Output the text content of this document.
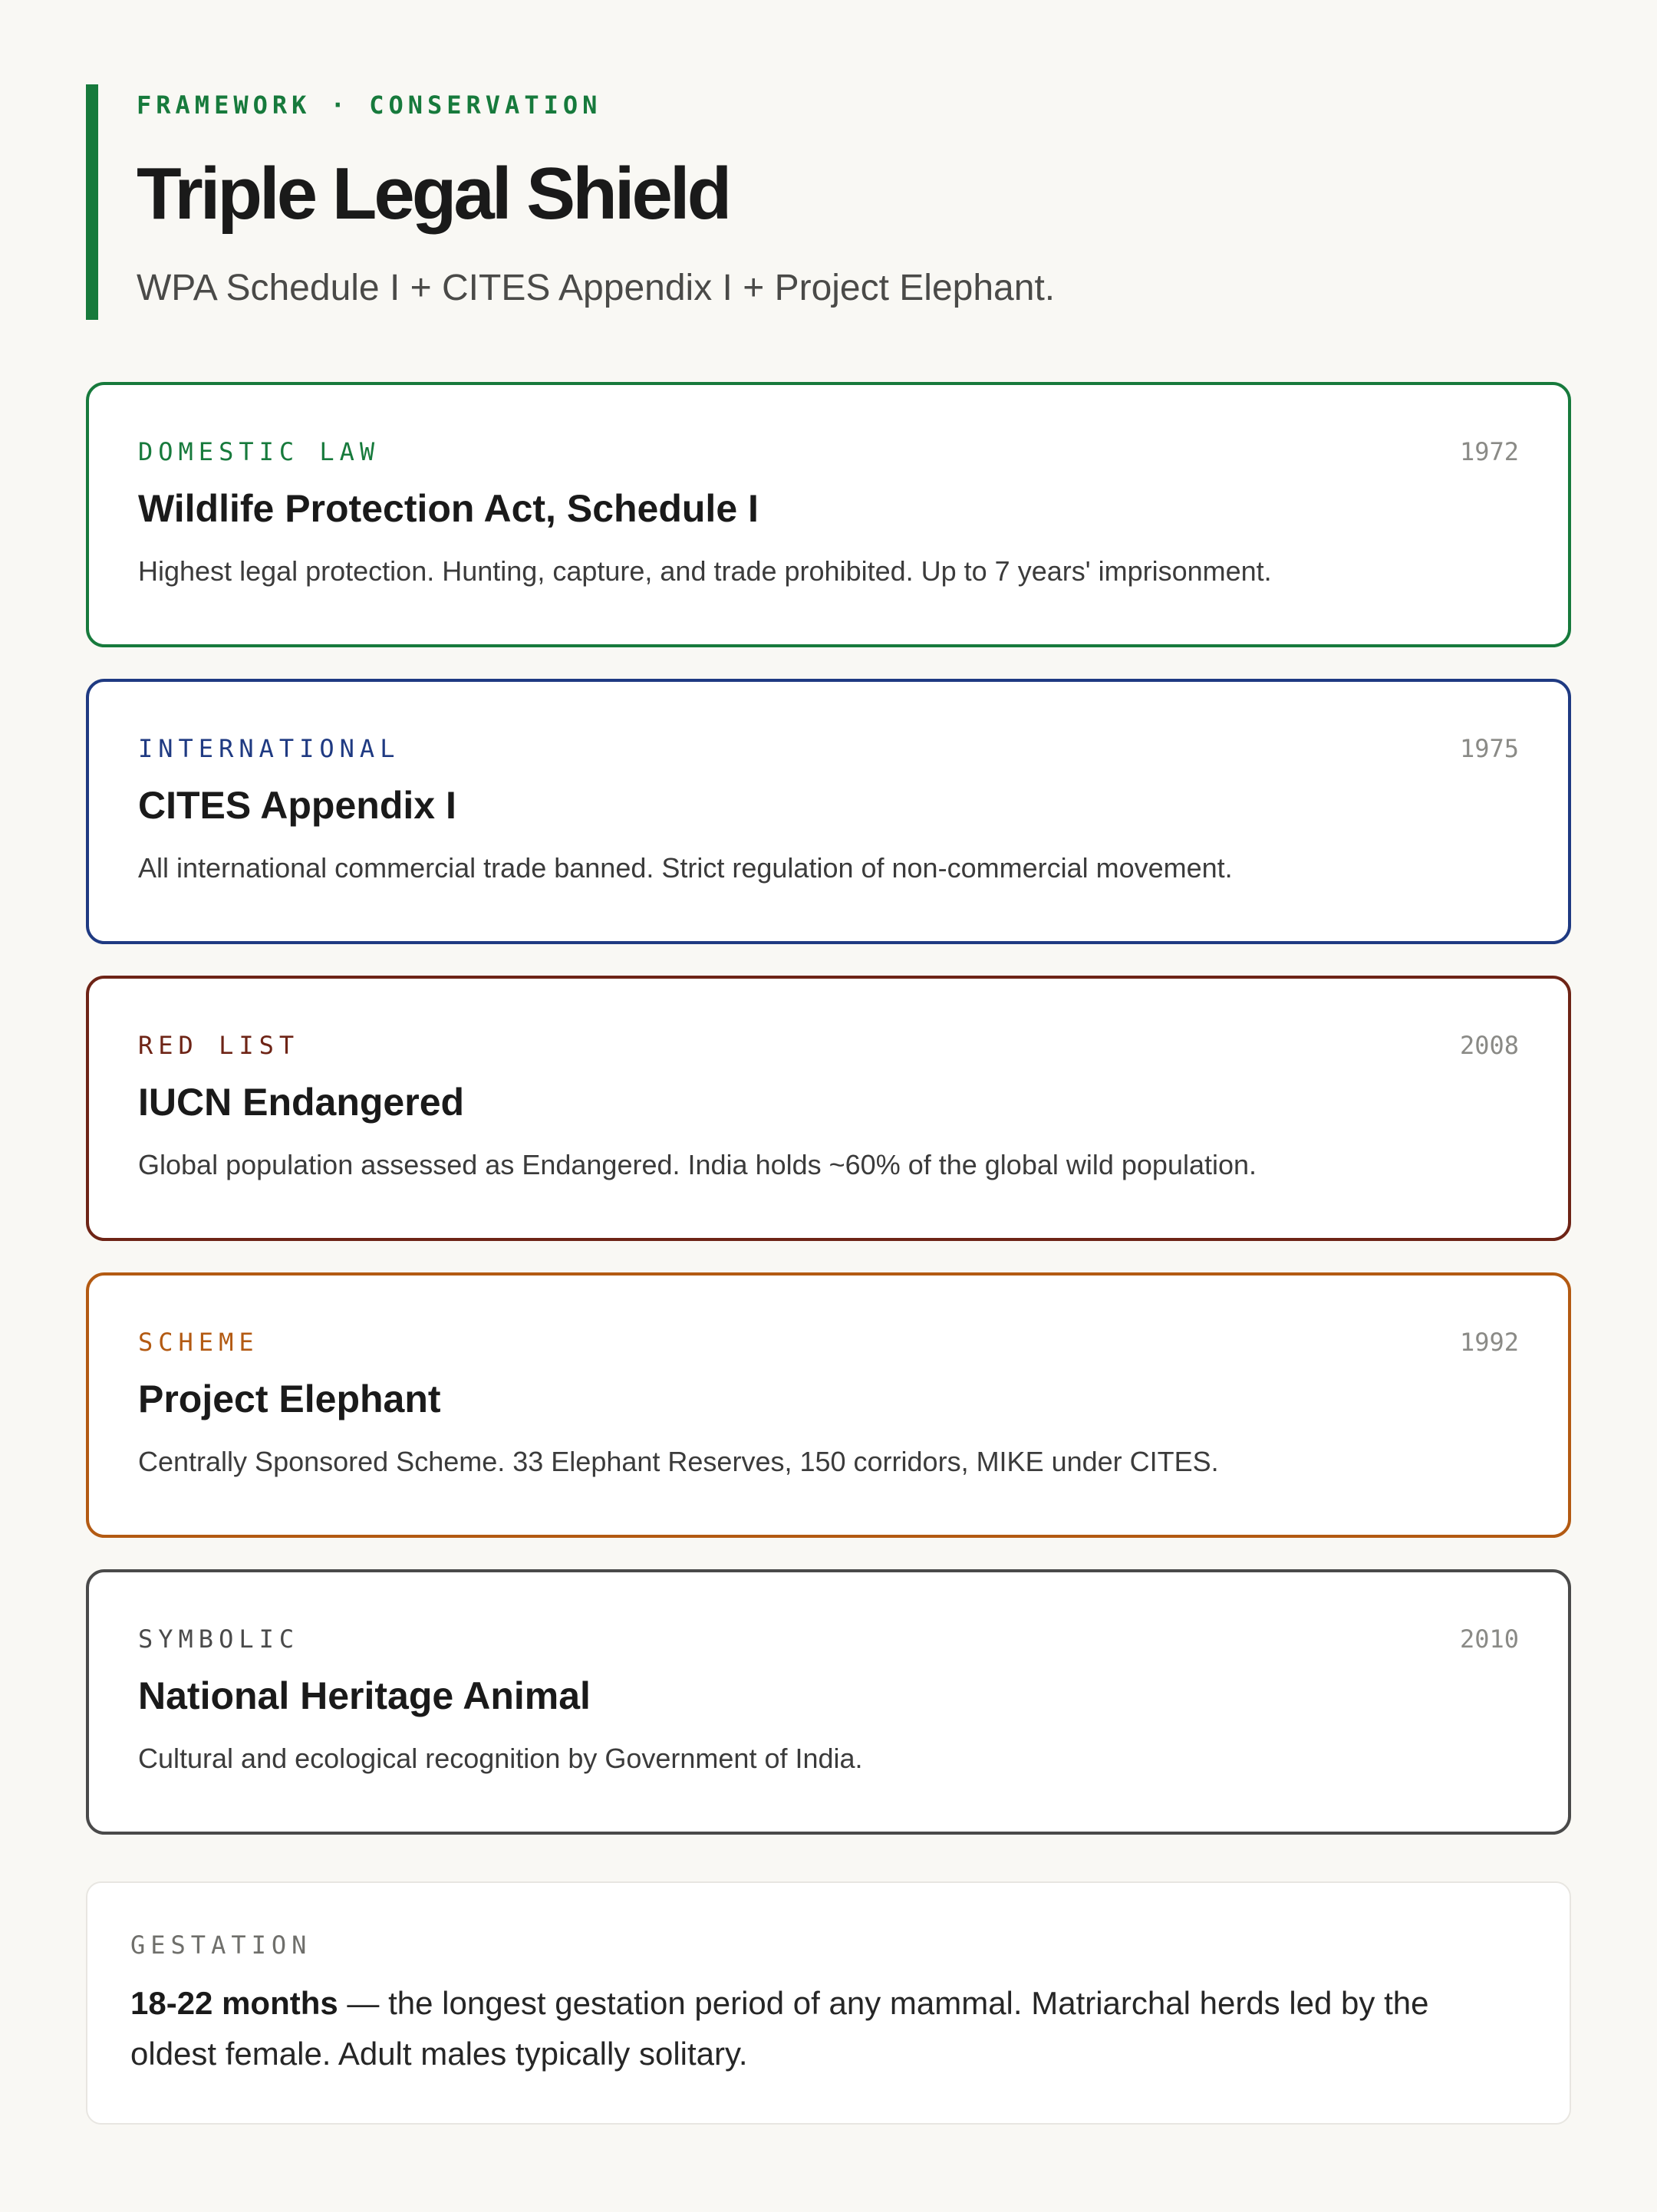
FRAMEWORK · CONSERVATION
Triple Legal Shield
WPA Schedule I + CITES Appendix I + Project Elephant.
DOMESTIC LAW	1972
Wildlife Protection Act, Schedule I
Highest legal protection. Hunting, capture, and trade prohibited. Up to 7 years' imprisonment.
INTERNATIONAL	1975
CITES Appendix I
All international commercial trade banned. Strict regulation of non-commercial movement.
RED LIST	2008
IUCN Endangered
Global population assessed as Endangered. India holds ~60% of the global wild population.
SCHEME	1992
Project Elephant
Centrally Sponsored Scheme. 33 Elephant Reserves, 150 corridors, MIKE under CITES.
SYMBOLIC	2010
National Heritage Animal
Cultural and ecological recognition by Government of India.
GESTATION
18-22 months — the longest gestation period of any mammal. Matriarchal herds led by the oldest female. Adult males typically solitary.
